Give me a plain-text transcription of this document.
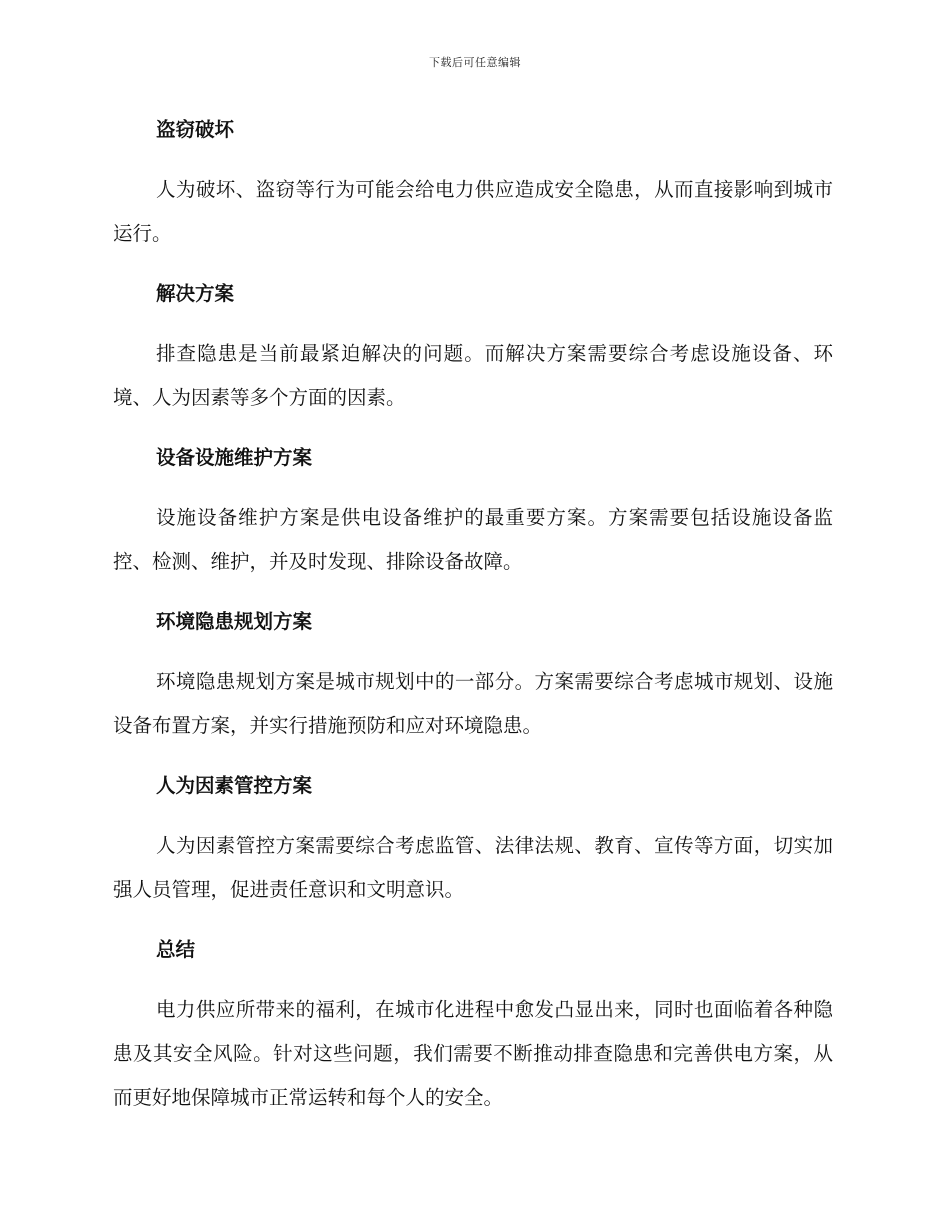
下载后可任意编辑
盗窃破坏

人为破坏、盗窃等行为可能会给电力供应造成安全隐患，从而直接影响到城市运行。

解决方案

排查隐患是当前最紧迫解决的问题。而解决方案需要综合考虑设施设备、环境、人为因素等多个方面的因素。

设备设施维护方案

设施设备维护方案是供电设备维护的最重要方案。方案需要包括设施设备监控、检测、维护，并及时发现、排除设备故障。

环境隐患规划方案

环境隐患规划方案是城市规划中的一部分。方案需要综合考虑城市规划、设施设备布置方案，并实行措施预防和应对环境隐患。

人为因素管控方案

人为因素管控方案需要综合考虑监管、法律法规、教育、宣传等方面，切实加强人员管理，促进责任意识和文明意识。

总结

电力供应所带来的福利，在城市化进程中愈发凸显出来，同时也面临着各种隐患及其安全风险。针对这些问题，我们需要不断推动排查隐患和完善供电方案，从而更好地保障城市正常运转和每个人的安全。
